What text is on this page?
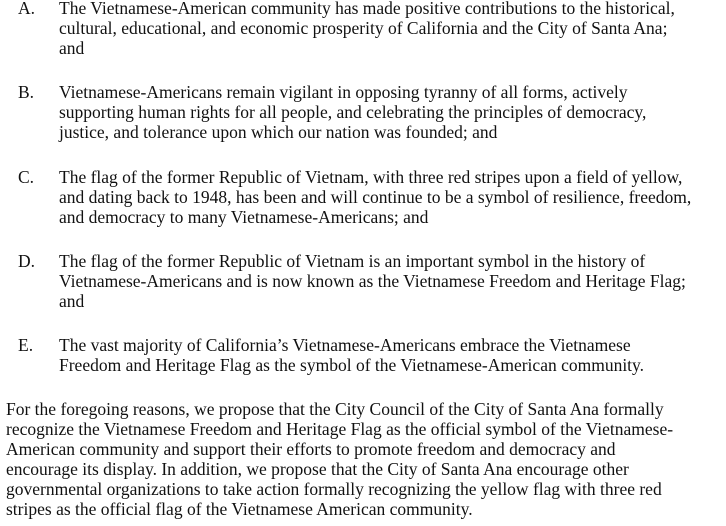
A. The Vietnamese-American community has made positive contributions to the historical,
cultural, educational, and economic prosperity of California and the City of Santa Ana;
and
B. Vietnamese-Americans remain vigilant in opposing tyranny of all forms, actively
supporting human rights for all people, and celebrating the principles of democracy,
justice, and tolerance upon which our nation was founded; and
C. The flag of the former Republic of Vietnam, with three red stripes upon a field of yellow,
and dating back to 1948, has been and will continue to be a symbol of resilience, freedom,
and democracy to many Vietnamese-Americans; and
D. The flag of the former Republic of Vietnam is an important symbol in the history of
Vietnamese-Americans and is now known as the Vietnamese Freedom and Heritage Flag;
and
E. The vast majority of California’s Vietnamese-Americans embrace the Vietnamese
Freedom and Heritage Flag as the symbol of the Vietnamese-American community.
For the foregoing reasons, we propose that the City Council of the City of Santa Ana formally
recognize the Vietnamese Freedom and Heritage Flag as the official symbol of the Vietnamese-
American community and support their efforts to promote freedom and democracy and
encourage its display. In addition, we propose that the City of Santa Ana encourage other
governmental organizations to take action formally recognizing the yellow flag with three red
stripes as the official flag of the Vietnamese American community.
